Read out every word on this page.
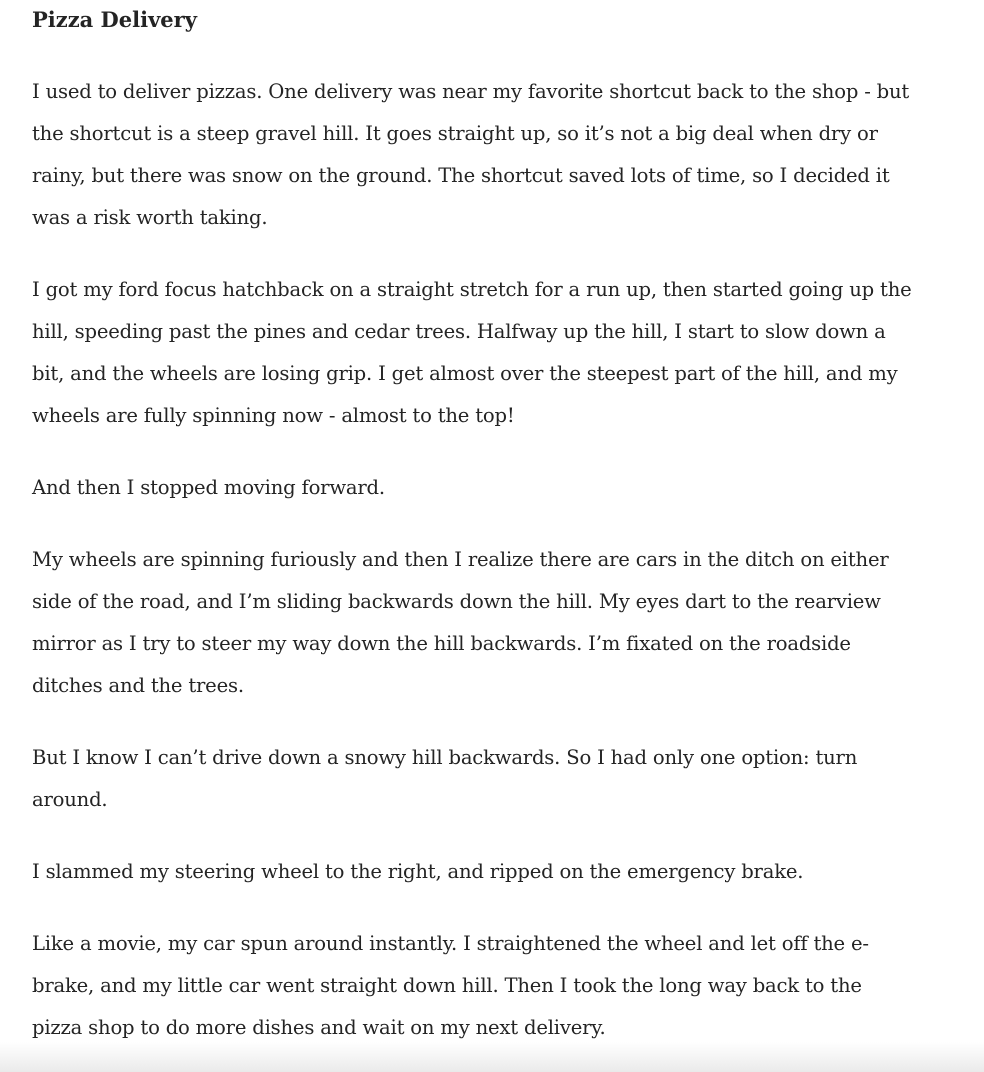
Pizza Delivery

I used to deliver pizzas. One delivery was near my favorite shortcut back to the shop - but
the shortcut is a steep gravel hill. It goes straight up, so it’s not a big deal when dry or
rainy, but there was snow on the ground. The shortcut saved lots of time, so I decided it
was a risk worth taking.

I got my ford focus hatchback on a straight stretch for a run up, then started going up the
hill, speeding past the pines and cedar trees. Halfway up the hill, I start to slow down a
bit, and the wheels are losing grip. I get almost over the steepest part of the hill, and my
wheels are fully spinning now - almost to the top!

And then I stopped moving forward.

My wheels are spinning furiously and then I realize there are cars in the ditch on either
side of the road, and I’m sliding backwards down the hill. My eyes dart to the rearview
mirror as I try to steer my way down the hill backwards. I’m fixated on the roadside
ditches and the trees.

But I know I can’t drive down a snowy hill backwards. So I had only one option: turn
around.

I slammed my steering wheel to the right, and ripped on the emergency brake.

Like a movie, my car spun around instantly. I straightened the wheel and let off the e-
brake, and my little car went straight down hill. Then I took the long way back to the
pizza shop to do more dishes and wait on my next delivery.
